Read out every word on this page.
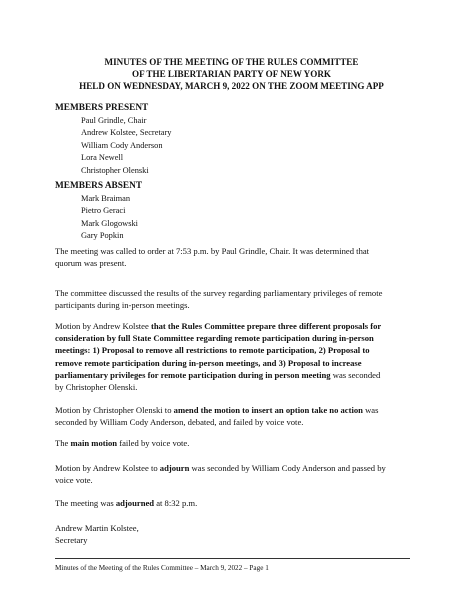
MINUTES OF THE MEETING OF THE RULES COMMITTEE
OF THE LIBERTARIAN PARTY OF NEW YORK
HELD ON WEDNESDAY, MARCH 9, 2022 ON THE ZOOM MEETING APP
MEMBERS PRESENT
Paul Grindle, Chair
Andrew Kolstee, Secretary
William Cody Anderson
Lora Newell
Christopher Olenski
MEMBERS ABSENT
Mark Braiman
Pietro Geraci
Mark Glogowski
Gary Popkin
The meeting was called to order at 7:53 p.m. by Paul Grindle, Chair. It was determined that
quorum was present.
The committee discussed the results of the survey regarding parliamentary privileges of remote
participants during in-person meetings.
Motion by Andrew Kolstee that the Rules Committee prepare three different proposals for
consideration by full State Committee regarding remote participation during in-person
meetings: 1) Proposal to remove all restrictions to remote participation, 2) Proposal to
remove remote participation during in-person meetings, and 3) Proposal to increase
parliamentary privileges for remote participation during in person meeting was seconded
by Christopher Olenski.
Motion by Christopher Olenski to amend the motion to insert an option take no action was
seconded by William Cody Anderson, debated, and failed by voice vote.
The main motion failed by voice vote.
Motion by Andrew Kolstee to adjourn was seconded by William Cody Anderson and passed by
voice vote.
The meeting was adjourned at 8:32 p.m.
Andrew Martin Kolstee,
Secretary
Minutes of the Meeting of the Rules Committee – March 9, 2022 – Page 1
